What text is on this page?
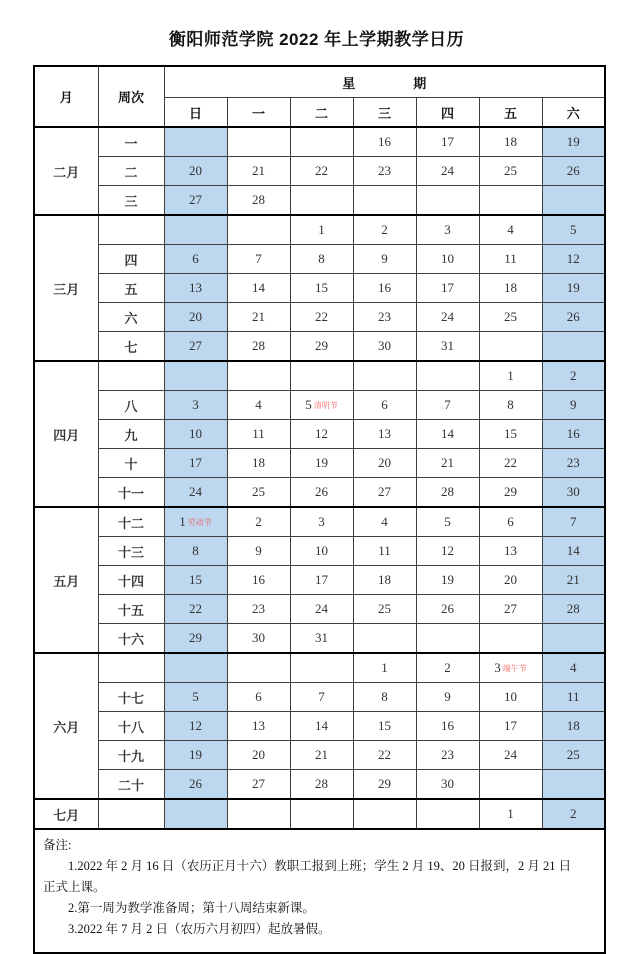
衡阳师范学院 2022 年上学期教学日历
月	周次	星 期						

		日	一	二	三	四	五	六
二月	一				16	17	18	19
	二	20	21	22	23	24	25	26
	三	27	28					
三月				1	2	3	4	5
	四	6	7	8	9	10	11	12
	五	13	14	15	16	17	18	19
	六	20	21	22	23	24	25	26
	七	27	28	29	30	31		
四月							1	2
	八	3	4	5 清明节	6	7	8	9
	九	10	11	12	13	14	15	16
	十	17	18	19	20	21	22	23
	十一	24	25	26	27	28	29	30
五月	十二	1 劳动节	2	3	4	5	6	7
	十三	8	9	10	11	12	13	14
	十四	15	16	17	18	19	20	21
	十五	22	23	24	25	26	27	28
	十六	29	30	31				
六月					1	2	3 端午节	4
	十七	5	6	7	8	9	10	11
	十八	12	13	14	15	16	17	18
	十九	19	20	21	22	23	24	25
	二十	26	27	28	29	30		
七月							1	2

备注:
　　1.2022 年 2 月 16 日（农历正月十六）教职工报到上班；学生 2 月 19、20 日报到，2 月 21 日
正式上课。
　　2.第一周为教学准备周；第十八周结束新课。
　　3.2022 年 7 月 2 日（农历六月初四）起放暑假。								
